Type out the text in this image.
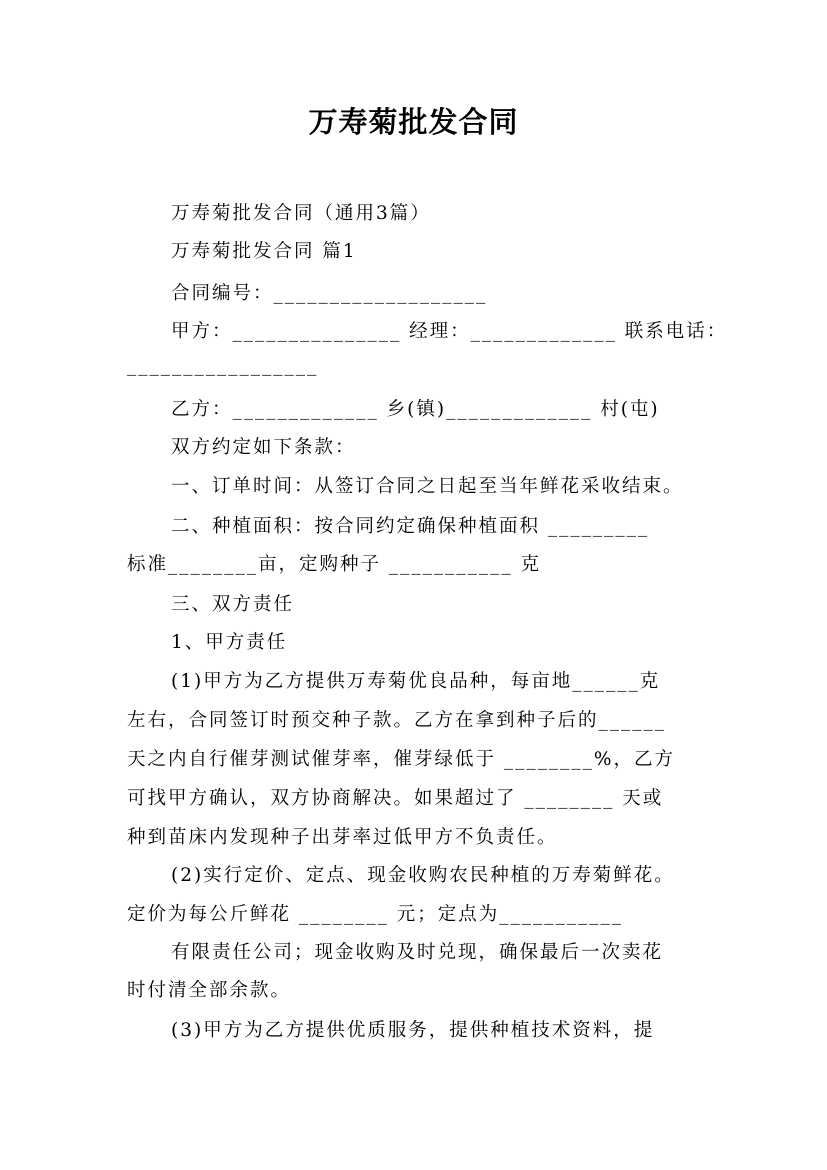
万寿菊批发合同
万寿菊批发合同（通用3篇）
万寿菊批发合同 篇1
合同编号：___________________
甲方：_______________ 经理：_____________ 联系电话：
_________________
乙方：_____________ 乡(镇)_____________ 村(屯)
双方约定如下条款：
一、订单时间：从签订合同之日起至当年鲜花采收结束。
二、种植面积：按合同约定确保种植面积 _________
标准________亩，定购种子 ___________ 克
三、双方责任
1、甲方责任
(1)甲方为乙方提供万寿菊优良品种，每亩地______克
左右，合同签订时预交种子款。乙方在拿到种子后的______
天之内自行催芽测试催芽率，催芽绿低于 ________%，乙方
可找甲方确认，双方协商解决。如果超过了 ________ 天或
种到苗床内发现种子出芽率过低甲方不负责任。
(2)实行定价、定点、现金收购农民种植的万寿菊鲜花。
定价为每公斤鲜花 ________ 元；定点为___________
有限责任公司；现金收购及时兑现，确保最后一次卖花
时付清全部余款。
(3)甲方为乙方提供优质服务，提供种植技术资料，提
